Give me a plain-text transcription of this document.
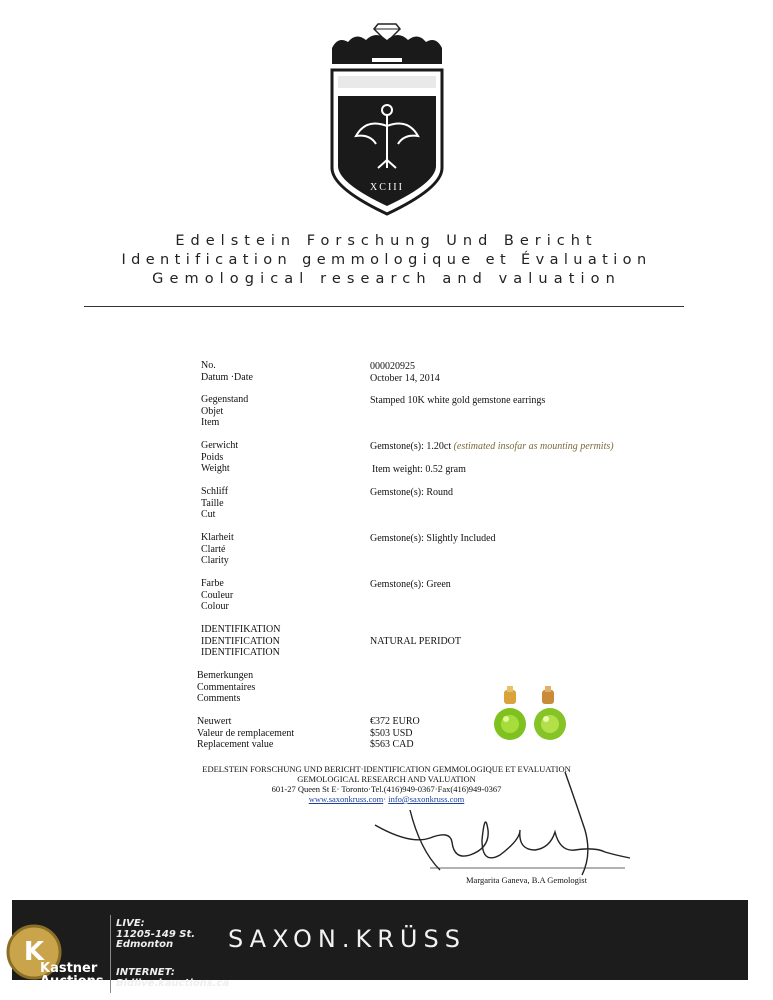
XCIII
Edelstein Forschung Und Bericht
Identification gemmologique et Évaluation
Gemological research and valuation
No.
Datum ·Date
000020925
October 14, 2014
Gegenstand
Objet
Item
Stamped 10K white gold gemstone earrings
Gerwicht
Poids
Weight
Gemstone(s): 1.20ct (estimated insofar as mounting permits)
Item weight: 0.52 gram
Schliff
Taille
Cut
Gemstone(s): Round
Klarheit
Clarté
Clarity
Gemstone(s): Slightly Included
Farbe
Couleur
Colour
Gemstone(s): Green
IDENTIFIKATION
IDENTIFICATION
IDENTIFICATION
NATURAL PERIDOT
Bemerkungen
Commentaires
Comments
Neuwert
Valeur de remplacement
Replacement value
€372 EURO
$503 USD
$563 CAD
EDELSTEIN FORSCHUNG UND BERICHT·IDENTIFICATION GEMMOLOGIQUE ET EVALUATION
GEMOLOGICAL RESEARCH AND VALUATION
601-27 Queen St E· Toronto·Tel.(416)949-0367·Fax(416)949-0367
www.saxonkruss.com· info@saxonkruss.com
Margarita Ganeva, B.A Gemologist
SAXON.KRÜSS
LIVE:
11205-149 St.
Edmonton
INTERNET:
Bidlive.kauctions.ca
K
Kastner
Auctions
